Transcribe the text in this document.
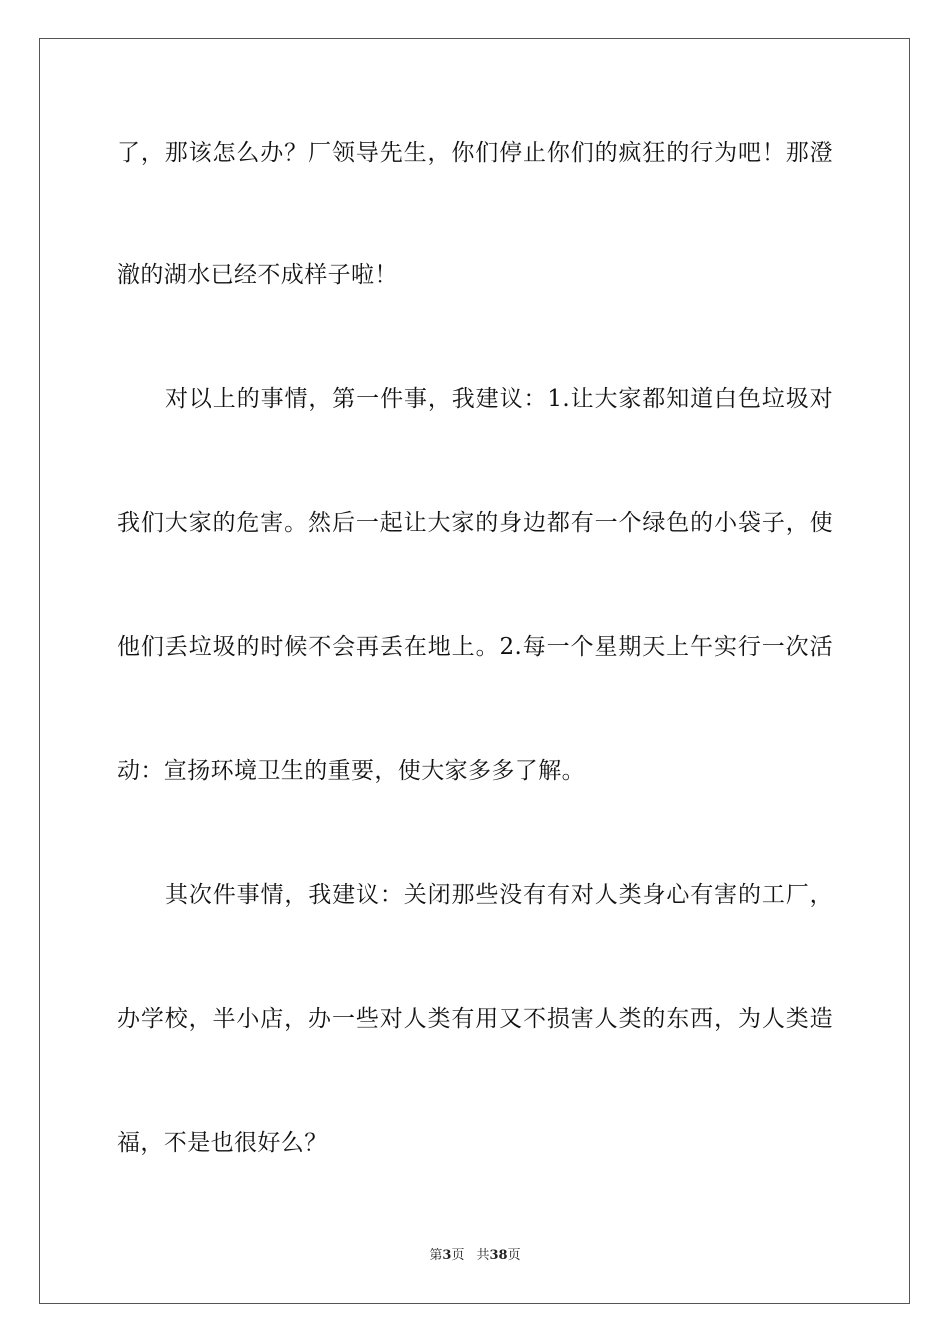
了，那该怎么办？厂领导先生，你们停止你们的疯狂的行为吧！那澄
澈的湖水已经不成样子啦！
对以上的事情，第一件事，我建议：1.让大家都知道白色垃圾对
我们大家的危害。然后一起让大家的身边都有一个绿色的小袋子，使
他们丢垃圾的时候不会再丢在地上。2.每一个星期天上午实行一次活
动：宣扬环境卫生的重要，使大家多多了解。
其次件事情，我建议：关闭那些没有有对人类身心有害的工厂，
办学校，半小店，办一些对人类有用又不损害人类的东西，为人类造
福，不是也很好么？
第3页 共38页
